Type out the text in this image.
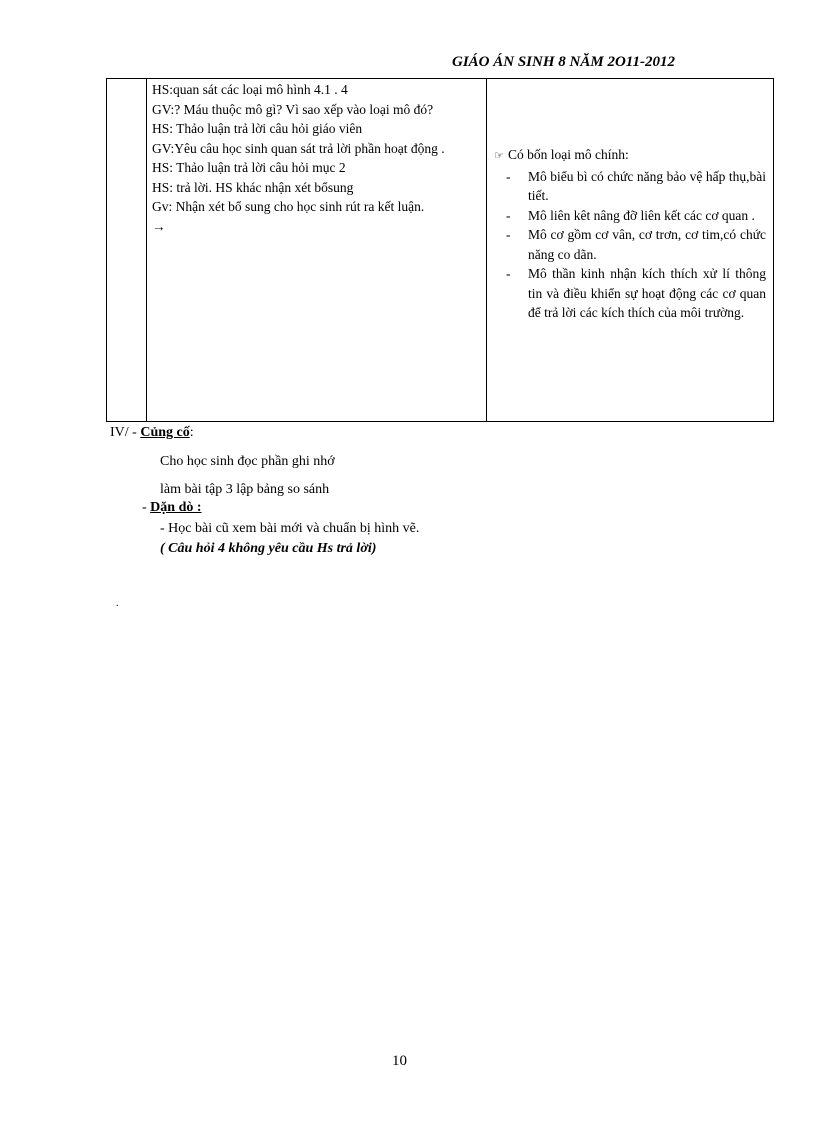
GIÁO ÁN SINH 8 NĂM 2O11-2012

HS:quan sát các loại mô hình 4.1 . 4

GV:? Máu thuộc mô gì? Vì sao xếp vào loại mô đó?

HS: Thảo luận trả lời câu hỏi giáo viên

GV:Yêu câu học sinh quan sát trả lời phần hoạt động .

HS: Thảo luận trả lời câu hỏi mục 2

HS: trả lời. HS khác nhận xét bổsung

Gv: Nhận xét bổ sung cho học sinh rút ra kết luận.

→

☞ Có bốn loại mô chính:

- Mô biểu bì có chức năng bảo vệ hấp thụ,bài tiết.
- Mô liên kêt nâng đỡ liên kết các cơ quan .
- Mô cơ gồm cơ vân, cơ trơn, cơ tim,có chức năng co dãn.
- Mô thần kinh nhận kích thích xử lí thông tin và điều khiển sự hoạt động các cơ quan để trả lời các kích thích của môi trường.
IV/ - Củng cố:
Cho học sinh đọc phần ghi nhớ
làm bài tập 3 lập bảng so sánh
- Dặn dò :
- Học bài cũ xem bài mới và chuẩn bị hình vẽ.
( Câu hỏi 4 không yêu cầu Hs trả lời)
.
10
